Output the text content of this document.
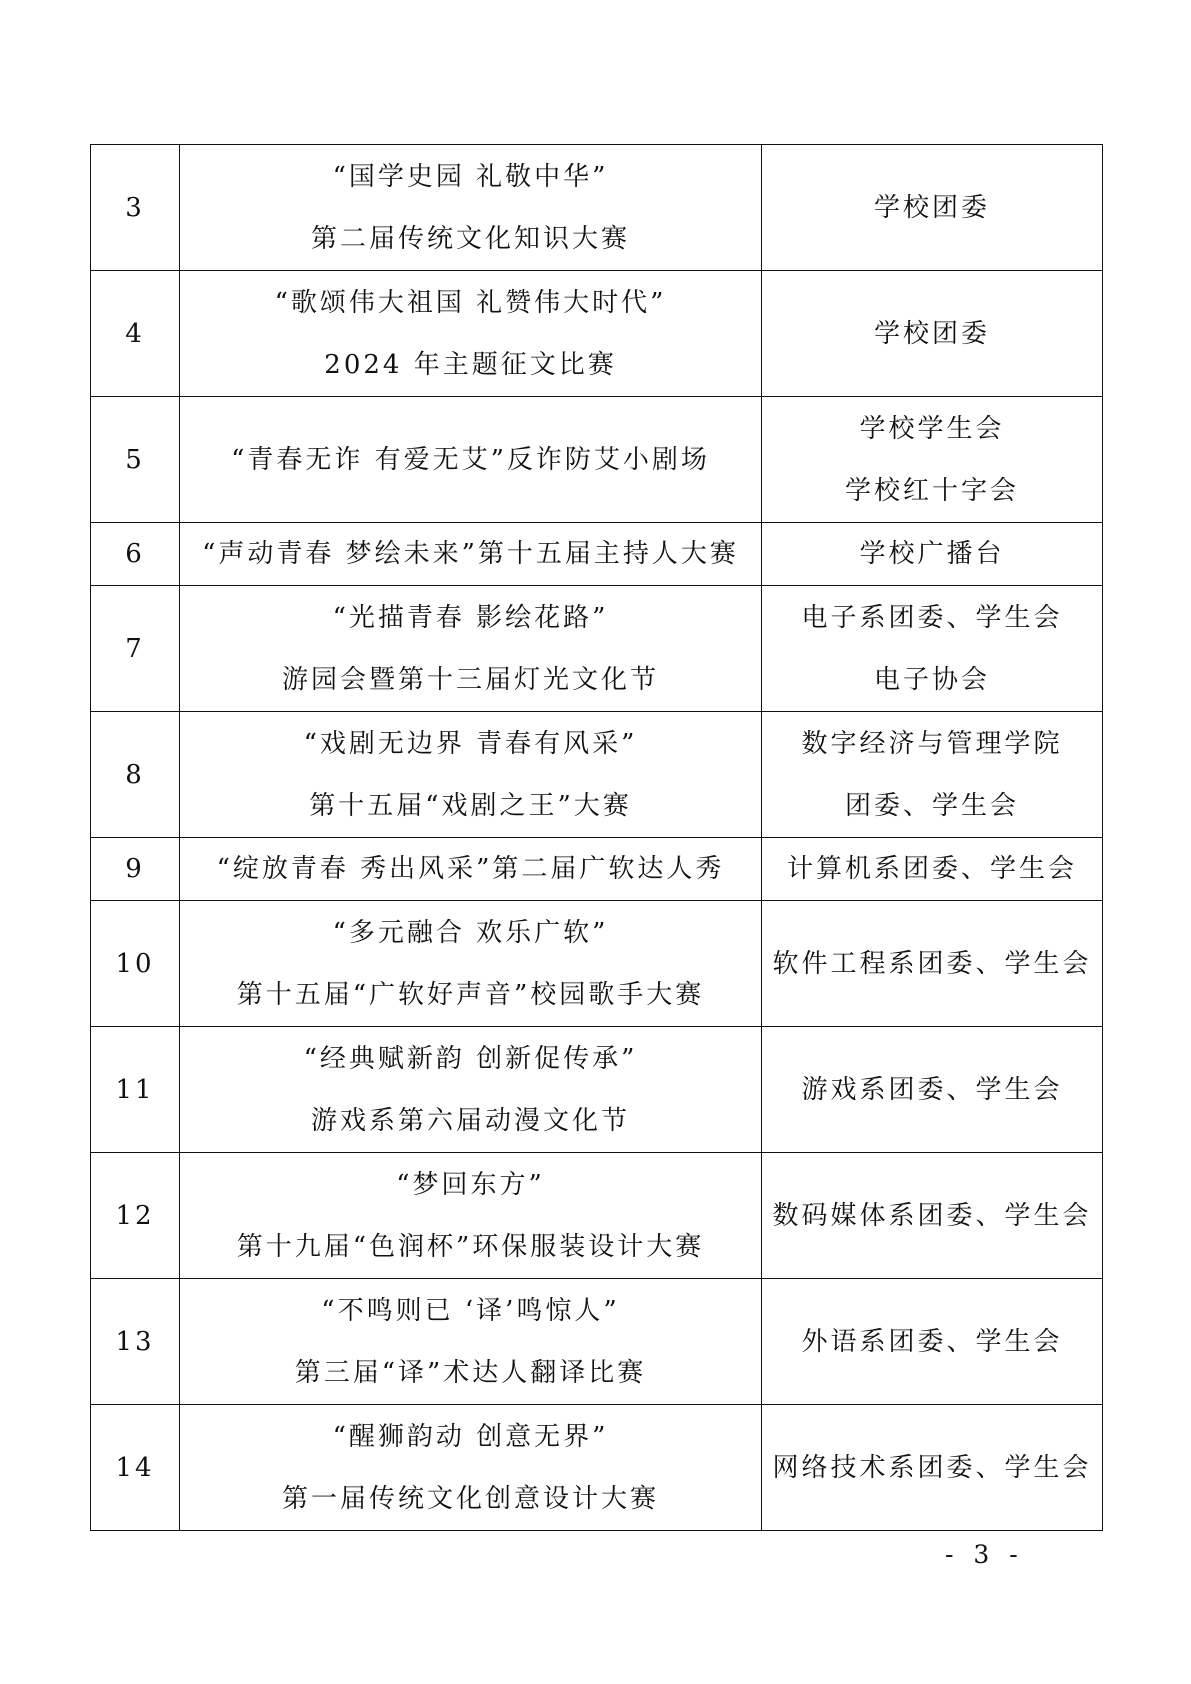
3	“国学史园 礼敬中华”
第二届传统文化知识大赛	学校团委

4	“歌颂伟大祖国 礼赞伟大时代”
2024 年主题征文比赛	学校团委

5	“青春无诈 有爱无艾”反诈防艾小剧场	学校学生会
学校红十字会

6	“声动青春 梦绘未来”第十五届主持人大赛	学校广播台

7	“光描青春 影绘花路”
游园会暨第十三届灯光文化节	电子系团委、学生会
电子协会

8	“戏剧无边界 青春有风采”
第十五届“戏剧之王”大赛	数字经济与管理学院
团委、学生会

9	“绽放青春 秀出风采”第二届广软达人秀	计算机系团委、学生会

10	“多元融合 欢乐广软”
第十五届“广软好声音”校园歌手大赛	软件工程系团委、学生会

11	“经典赋新韵 创新促传承”
游戏系第六届动漫文化节	游戏系团委、学生会

12	“梦回东方”
第十九届“色润杯”环保服装设计大赛	数码媒体系团委、学生会

13	“不鸣则已 ‘译’鸣惊人”
第三届“译”术达人翻译比赛	外语系团委、学生会

14	“醒狮韵动 创意无界”
第一届传统文化创意设计大赛	网络技术系团委、学生会
- 3 -
